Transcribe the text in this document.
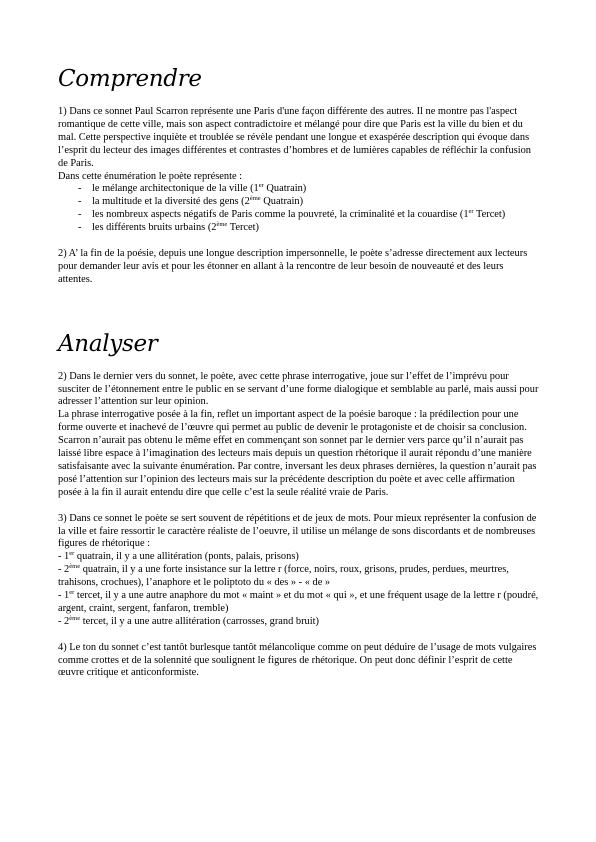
Comprendre

1) Dans ce sonnet Paul Scarron représente une Paris d'une façon différente des autres. Il ne montre pas l'aspect romantique de cette ville, mais son aspect contradictoire et mélangé pour dire que Paris est la ville du bien et du mal. Cette perspective inquiète et troublée se révèle pendant une longue et exaspérée description qui évoque dans l’esprit du lecteur des images différentes et contrastes d’hombres et de lumières capables de réfléchir la confusion de Paris.

Dans cette énumération le poète représente :

- le mélange architectonique de la ville (1er Quatrain)
- la multitude et la diversité des gens (2ème Quatrain)
- les nombreux aspects négatifs de Paris comme la pouvreté, la criminalité et la couardise (1er Tercet)
- les différents bruits urbains (2ème Tercet)

2) A’ la fin de la poésie, depuis une longue description impersonnelle, le poète s’adresse directement aux lecteurs pour demander leur avis et pour les étonner en allant à la rencontre de leur besoin de nouveauté et des leurs attentes.

Analyser

2) Dans le dernier vers du sonnet, le poète, avec cette phrase interrogative, joue sur l’effet de l’imprévu pour susciter de l’étonnement entre le public en se servant d’une forme dialogique et semblable au parlé, mais aussi pour adresser l’attention sur leur opinion.

La phrase interrogative posée à la fin, reflet un important aspect de la poésie baroque : la prédilection pour une forme ouverte et inachevé de l’œuvre qui permet au public de devenir le protagoniste et de choisir sa conclusion.

Scarron n’aurait pas obtenu le même effet en commençant son sonnet par le dernier vers parce qu’il n’aurait pas laissé libre espace à l’imagination des lecteurs mais depuis un question rhétorique il aurait répondu d’une manière satisfaisante avec la suivante énumération. Par contre, inversant les deux phrases dernières, la question n’aurait pas posé l’attention sur l’opinion des lecteurs mais sur la précédente description du poète et avec celle affirmation posée à la fin il aurait entendu dire que celle c’est la seule réalité vraie de Paris.

3) Dans ce sonnet le poète se sert souvent de répétitions et de jeux de mots. Pour mieux représenter la confusion de la ville et faire ressortir le caractère réaliste de l’oeuvre, il utilise un mélange de sons discordants et de nombreuses figures de rhétorique :

- 1er quatrain, il y a une allitération (ponts, palais, prisons)

- 2ème quatrain, il y a une forte insistance sur la lettre r (force, noirs, roux, grisons, prudes, perdues, meurtres, trahisons, crochues), l’anaphore et le poliptoto du « des » - « de »

- 1er tercet, il y a une autre anaphore du mot « maint » et du mot « qui », et une fréquent usage de la lettre r (poudré, argent, craint, sergent, fanfaron, tremble)

- 2ème tercet, il y a une autre allitération (carrosses, grand bruit)

4) Le ton du sonnet c’est tantôt burlesque tantôt mélancolique comme on peut déduire de l’usage de mots vulgaires comme crottes et de la solennité que soulignent le figures de rhétorique. On peut donc définir l’esprit de cette œuvre critique et anticonformiste.
